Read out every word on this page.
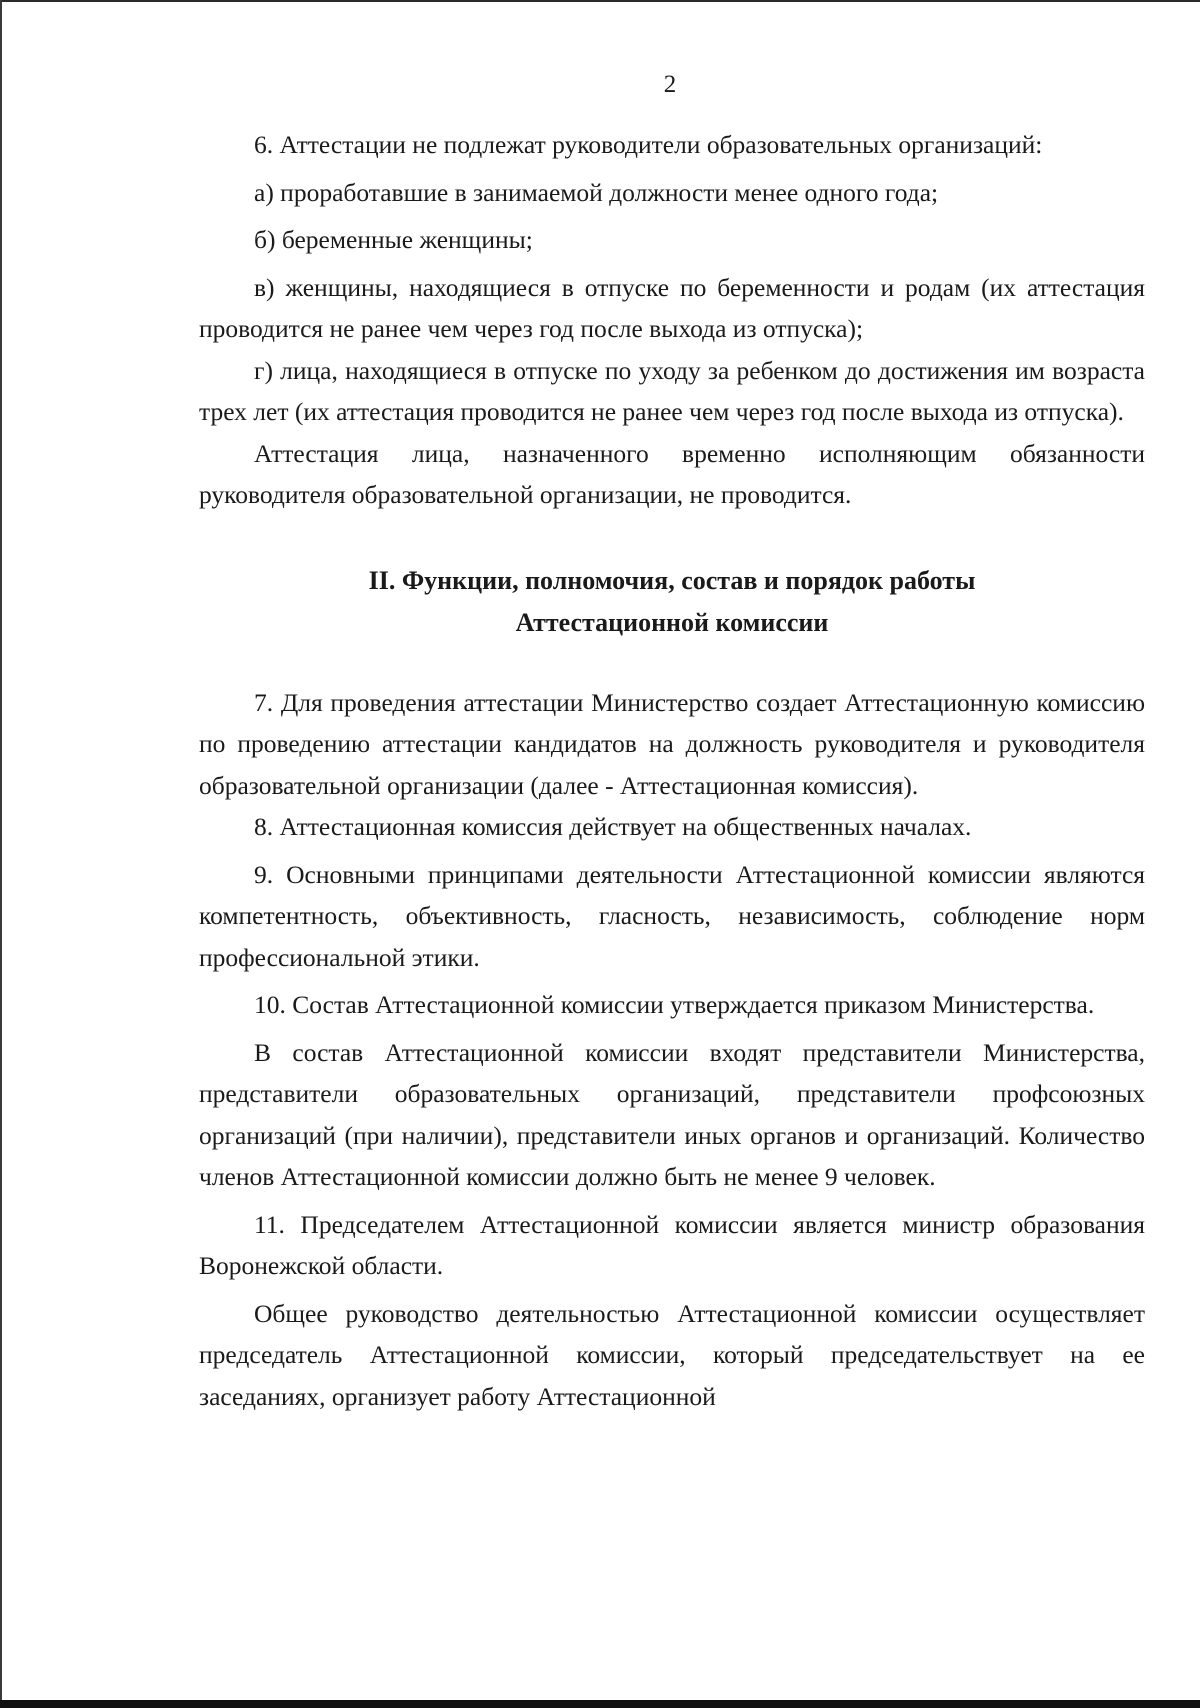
2

6. Аттестации не подлежат руководители образовательных организаций:

а) проработавшие в занимаемой должности менее одного года;

б) беременные женщины;

в) женщины, находящиеся в отпуске по беременности и родам (их аттестация проводится не ранее чем через год после выхода из отпуска);

г) лица, находящиеся в отпуске по уходу за ребенком до достижения им возраста трех лет (их аттестация проводится не ранее чем через год после выхода из отпуска).

Аттестация лица, назначенного временно исполняющим обязанности руководителя образовательной организации, не проводится.

II. Функции, полномочия, состав и порядок работы
Аттестационной комиссии

7. Для проведения аттестации Министерство создает Аттестационную комиссию по проведению аттестации кандидатов на должность руководителя и руководителя образовательной организации (далее - Аттестационная комиссия).

8. Аттестационная комиссия действует на общественных началах.

9. Основными принципами деятельности Аттестационной комиссии являются компетентность, объективность, гласность, независимость, соблюдение норм профессиональной этики.

10. Состав Аттестационной комиссии утверждается приказом Министерства.

В состав Аттестационной комиссии входят представители Министерства, представители образовательных организаций, представители профсоюзных организаций (при наличии), представители иных органов и организаций. Количество членов Аттестационной комиссии должно быть не менее 9 человек.

11. Председателем Аттестационной комиссии является министр образования Воронежской области.

Общее руководство деятельностью Аттестационной комиссии осуществляет председатель Аттестационной комиссии, который председательствует на ее заседаниях, организует работу Аттестационной
